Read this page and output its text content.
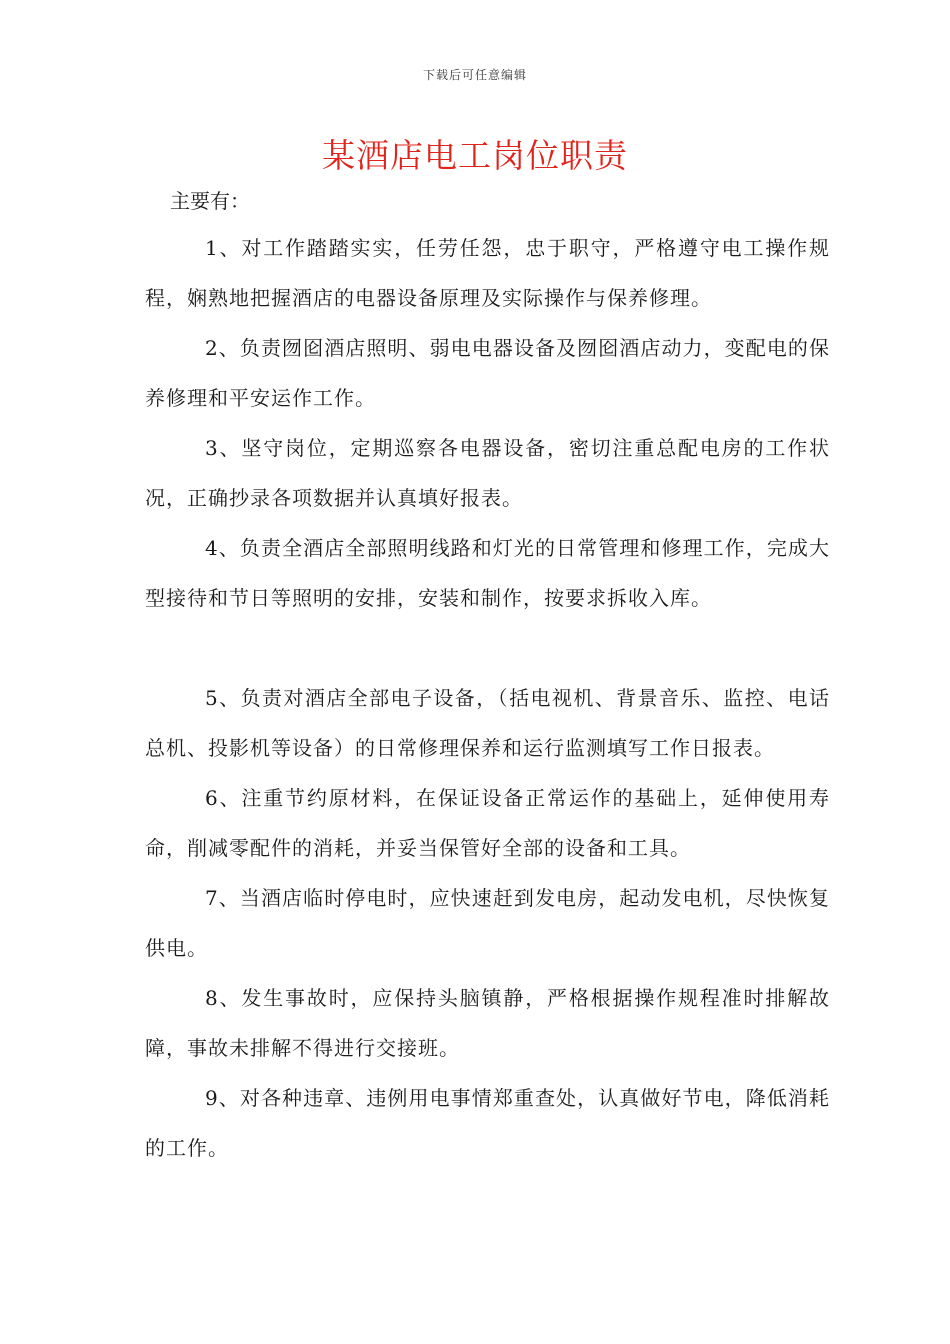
下载后可任意编辑
某酒店电工岗位职责
主要有：

1、对工作踏踏实实，任劳任怨，忠于职守，严格遵守电工操作规程，娴熟地把握酒店的电器设备原理及实际操作与保养修理。

2、负责囫囵酒店照明、弱电电器设备及囫囵酒店动力，变配电的保养修理和平安运作工作。

3、坚守岗位，定期巡察各电器设备，密切注重总配电房的工作状况，正确抄录各项数据并认真填好报表。

4、负责全酒店全部照明线路和灯光的日常管理和修理工作，完成大型接待和节日等照明的安排，安装和制作，按要求拆收入库。

5、负责对酒店全部电子设备，（括电视机、背景音乐、监控、电话总机、投影机等设备）的日常修理保养和运行监测填写工作日报表。

6、注重节约原材料，在保证设备正常运作的基础上，延伸使用寿命，削减零配件的消耗，并妥当保管好全部的设备和工具。

7、当酒店临时停电时，应快速赶到发电房，起动发电机，尽快恢复供电。

8、发生事故时，应保持头脑镇静，严格根据操作规程准时排解故障，事故未排解不得进行交接班。

9、对各种违章、违例用电事情郑重查处，认真做好节电，降低消耗的工作。
